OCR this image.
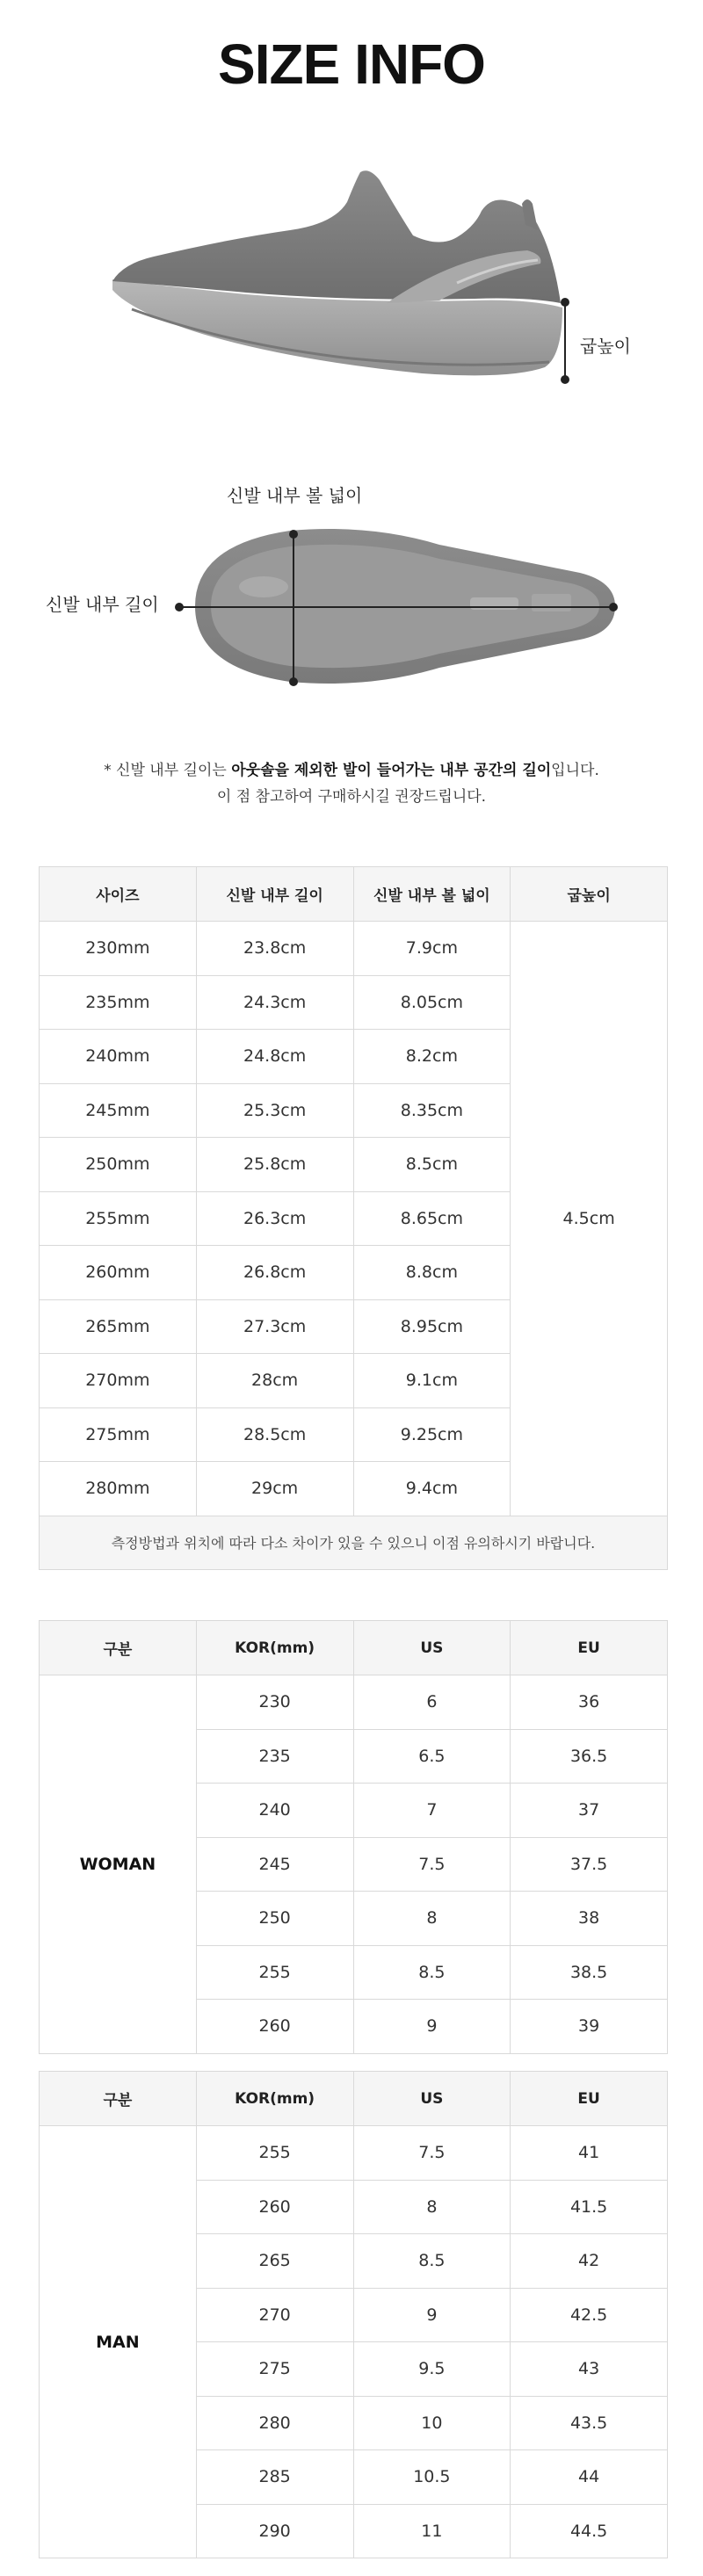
SIZE INFO
굽높이
신발 내부 볼 넓이
신발 내부 길이
* 신발 내부 길이는 아웃솔을 제외한 발이 들어가는 내부 공간의 길이입니다.
이 점 참고하여 구매하시길 권장드립니다.
사이즈	신발 내부 길이	신발 내부 볼 넓이	굽높이
230mm	23.8cm	7.9cm	4.5cm
235mm	24.3cm	8.05cm	
240mm	24.8cm	8.2cm	
245mm	25.3cm	8.35cm	
250mm	25.8cm	8.5cm	
255mm	26.3cm	8.65cm	
260mm	26.8cm	8.8cm	
265mm	27.3cm	8.95cm	
270mm	28cm	9.1cm	
275mm	28.5cm	9.25cm	
280mm	29cm	9.4cm	
측정방법과 위치에 따라 다소 차이가 있을 수 있으니 이점 유의하시기 바랍니다.			
구분	KOR(mm)	US	EU
WOMAN	230	6	36
	235	6.5	36.5
	240	7	37
	245	7.5	37.5
	250	8	38
	255	8.5	38.5
	260	9	39
구분	KOR(mm)	US	EU
MAN	255	7.5	41
	260	8	41.5
	265	8.5	42
	270	9	42.5
	275	9.5	43
	280	10	43.5
	285	10.5	44
	290	11	44.5
